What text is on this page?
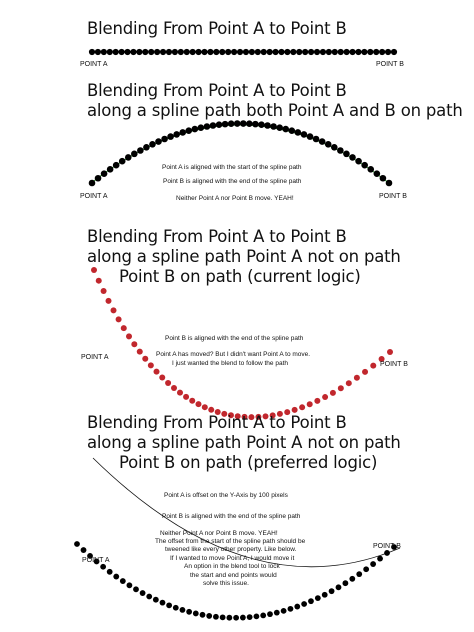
Blending From Point A to Point B
POINT A	POINT B
Blending From Point A to Point B
along a spline path both Point A and B on path
POINT A	POINT B
Point A is aligned with the start of the spline path
Point B is aligned with the end of the spline path
Neither Point A nor Point B move. YEAH!
Blending From Point A to Point B
along a spline path Point A not on path
Point B on path (current logic)
POINT A
POINT B
Point B is aligned with the end of the spline path
Point A has moved? But I didn't want Point A to move.
I just wanted the blend to follow the path
Blending From Point A to Point B
along a spline path Point A not on path
Point B on path (preferred logic)
POINT A
POINT B
Point A is offset on the Y-Axis by 100 pixels
Point B is aligned with the end of the spline path
Neither Point A nor Point B move. YEAH!
The offset from the start of the spline path should be
tweened like every other property. Like below.
If I wanted to move Point A, I would move it
An option in the blend tool to lock
the start and end points would
solve this issue.
